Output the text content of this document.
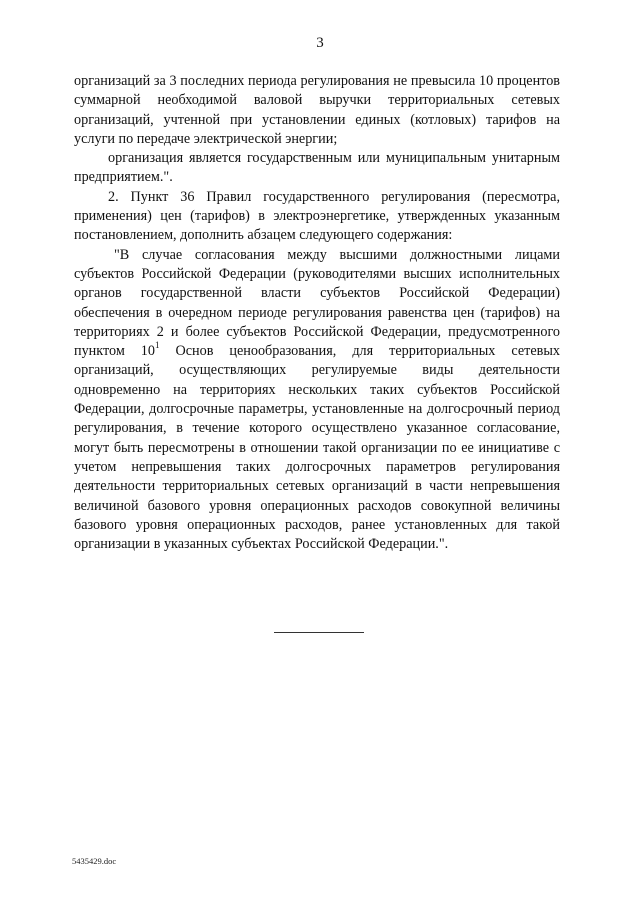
3

организаций за 3 последних периода регулирования не превысила 10 процентов суммарной необходимой валовой выручки территориальных сетевых организаций, учтенной при установлении единых (котловых) тарифов на услуги по передаче электрической энергии;

организация является государственным или муниципальным унитарным предприятием.".

2. Пункт 36 Правил государственного регулирования (пересмотра, применения) цен (тарифов) в электроэнергетике, утвержденных указанным постановлением, дополнить абзацем следующего содержания:

"В случае согласования между высшими должностными лицами субъектов Российской Федерации (руководителями высших исполнительных органов государственной власти субъектов Российской Федерации) обеспечения в очередном периоде регулирования равенства цен (тарифов) на территориях 2 и более субъектов Российской Федерации, предусмотренного пунктом $10^1$ Основ ценообразования, для территориальных сетевых организаций, осуществляющих регулируемые виды деятельности одновременно на территориях нескольких таких субъектов Российской Федерации, долгосрочные параметры, установленные на долгосрочный период регулирования, в течение которого осуществлено указанное согласование, могут быть пересмотрены в отношении такой организации по ее инициативе с учетом непревышения таких долгосрочных параметров регулирования деятельности территориальных сетевых организаций в части непревышения величиной базового уровня операционных расходов совокупной величины базового уровня операционных расходов, ранее установленных для такой организации в указанных субъектах Российской Федерации.".

5435429.doc
